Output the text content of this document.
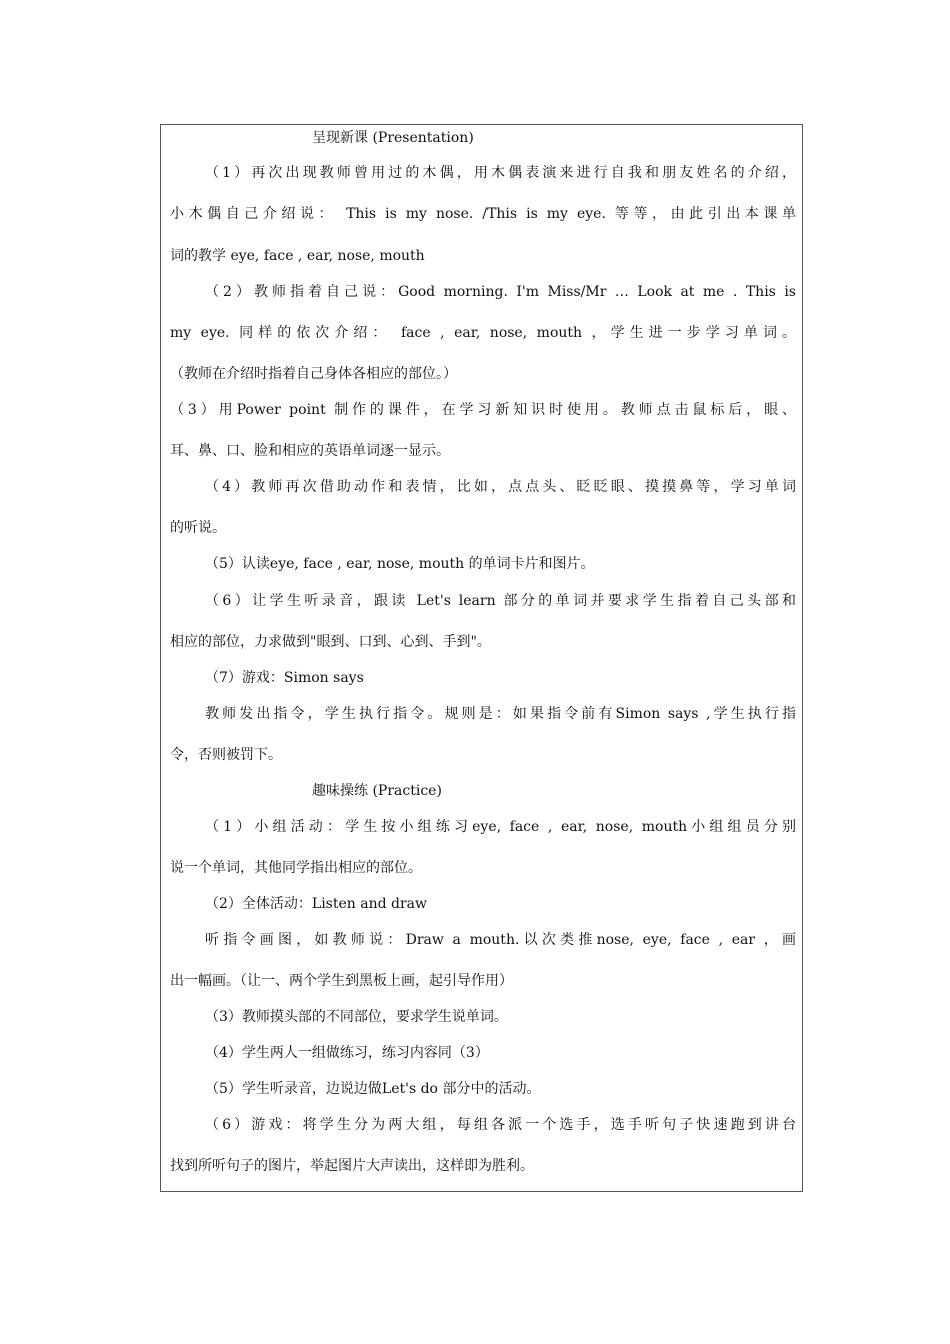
呈现新课 (Presentation)
（1）再次出现教师曾用过的木偶，用木偶表演来进行自我和朋友姓名的介绍，
小木偶自己介绍说： This is my nose. /This is my eye. 等等，由此引出本课单
词的教学 eye, face , ear, nose, mouth
（2）教师指着自己说：Good morning. I'm Miss/Mr … Look at me . This is
my eye. 同样的依次介绍： face , ear, nose, mouth ，学生进一步学习单词。
（教师在介绍时指着自己身体各相应的部位。）
（3）用Power point 制作的课件，在学习新知识时使用。教师点击鼠标后，眼、
耳、鼻、口、脸和相应的英语单词逐一显示。
（4）教师再次借助动作和表情，比如，点点头、眨眨眼、摸摸鼻等，学习单词
的听说。
（5）认读eye, face , ear, nose, mouth 的单词卡片和图片。
（6）让学生听录音，跟读 Let's learn 部分的单词并要求学生指着自己头部和
相应的部位，力求做到"眼到、口到、心到、手到"。
（7）游戏：Simon says
教师发出指令，学生执行指令。规则是：如果指令前有Simon says ,学生执行指
令，否则被罚下。
趣味操练 (Practice)
（1）小组活动：学生按小组练习eye, face , ear, nose, mouth小组组员分别
说一个单词，其他同学指出相应的部位。
（2）全体活动：Listen and draw
听指令画图，如教师说：Draw a mouth.以次类推nose, eye, face , ear ，画
出一幅画。（让一、两个学生到黑板上画，起引导作用）
（3）教师摸头部的不同部位，要求学生说单词。
（4）学生两人一组做练习，练习内容同（3）
（5）学生听录音，边说边做Let's do 部分中的活动。
（6）游戏：将学生分为两大组，每组各派一个选手，选手听句子快速跑到讲台
找到所听句子的图片，举起图片大声读出，这样即为胜利。
